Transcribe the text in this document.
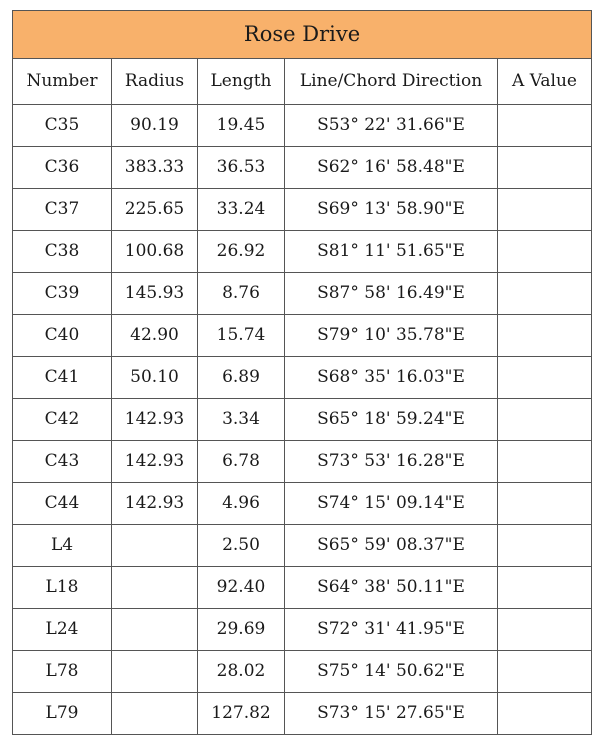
Rose Drive				
Number	Radius	Length	Line/Chord Direction	A Value
C35	90.19	19.45	S53° 22' 31.66"E	
C36	383.33	36.53	S62° 16' 58.48"E	
C37	225.65	33.24	S69° 13' 58.90"E	
C38	100.68	26.92	S81° 11' 51.65"E	
C39	145.93	8.76	S87° 58' 16.49"E	
C40	42.90	15.74	S79° 10' 35.78"E	
C41	50.10	6.89	S68° 35' 16.03"E	
C42	142.93	3.34	S65° 18' 59.24"E	
C43	142.93	6.78	S73° 53' 16.28"E	
C44	142.93	4.96	S74° 15' 09.14"E	
L4		2.50	S65° 59' 08.37"E	
L18		92.40	S64° 38' 50.11"E	
L24		29.69	S72° 31' 41.95"E	
L78		28.02	S75° 14' 50.62"E	
L79		127.82	S73° 15' 27.65"E	
